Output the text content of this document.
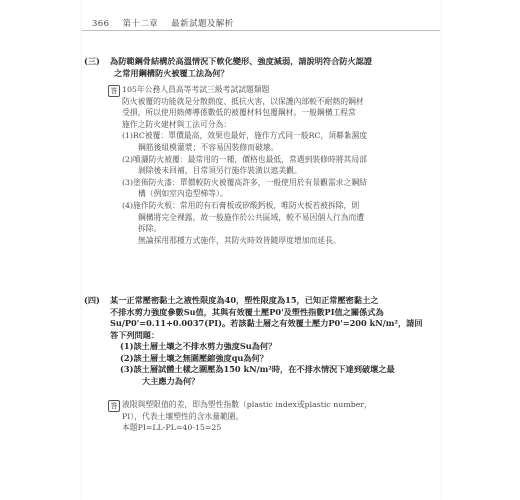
366 第十二章 最新試題及解析
(三) 為防範鋼骨結構於高溫情況下軟化變形、強度減弱，請說明符合防火認證
之常用鋼構防火被覆工法為何？
答 105年公務人員高等考試三級考試試題類題
防火被覆的功能就是分散熱度、抵抗火害，以保護內部較不耐熱的鋼材
受損，所以使用熱傳導係數低的被覆材料包覆鋼材。一般鋼構工程常
施作之防火建材與工法可分為：
(1)RC被覆：單價最高，效果也最好，施作方式同一般RC，須鄰紮濕度
鋼筋後組模灌漿；不容易因裝修而破壞。
(2)噴灑防火被覆：最常用的一種，價格也最低，常遇到裝修時將其局部
剝除後未回補，目常須另行施作裝潢以遮美觀。
(3)塗佈防火漆：單價較防火被覆高許多，一般使用於有景觀需求之鋼結
構（例如室內造型梯等）。
(4)施作防火板：常用的有石膏板或矽酸鈣板，唯防火板若被拆除，則
鋼構將完全裸露，故一般施作於公共區域，較不易因個人行為而遭
拆除。
無論採用那種方式施作，其防火時效皆隨厚度增加而延長。
(四) 某一正常壓密黏土之液性限度為40，塑性限度為15，已知正常壓密黏土之
不排水剪力強度參數Su值，其與有效覆土壓P0'及塑性指數PI值之關係式為
Su/P0'=0.11+0.0037(PI)。若該黏土層之有效覆土壓力P0'=200 kN/m²，請回
答下列問題：
(1)該土層土壤之不排水剪力強度Su為何？
(2)該土層土壤之無圍壓縮強度qu為何？
(3)該土層試體土樣之圍壓為150 kN/m²時，在不排水情況下達到破壞之最
大主應力為何？
答 液限與塑限值的差，即為塑性指數（plastic index或plastic number，
PI），代表土壤塑性的含水量範圍。
本題PI=LL-PL=40-15=25
